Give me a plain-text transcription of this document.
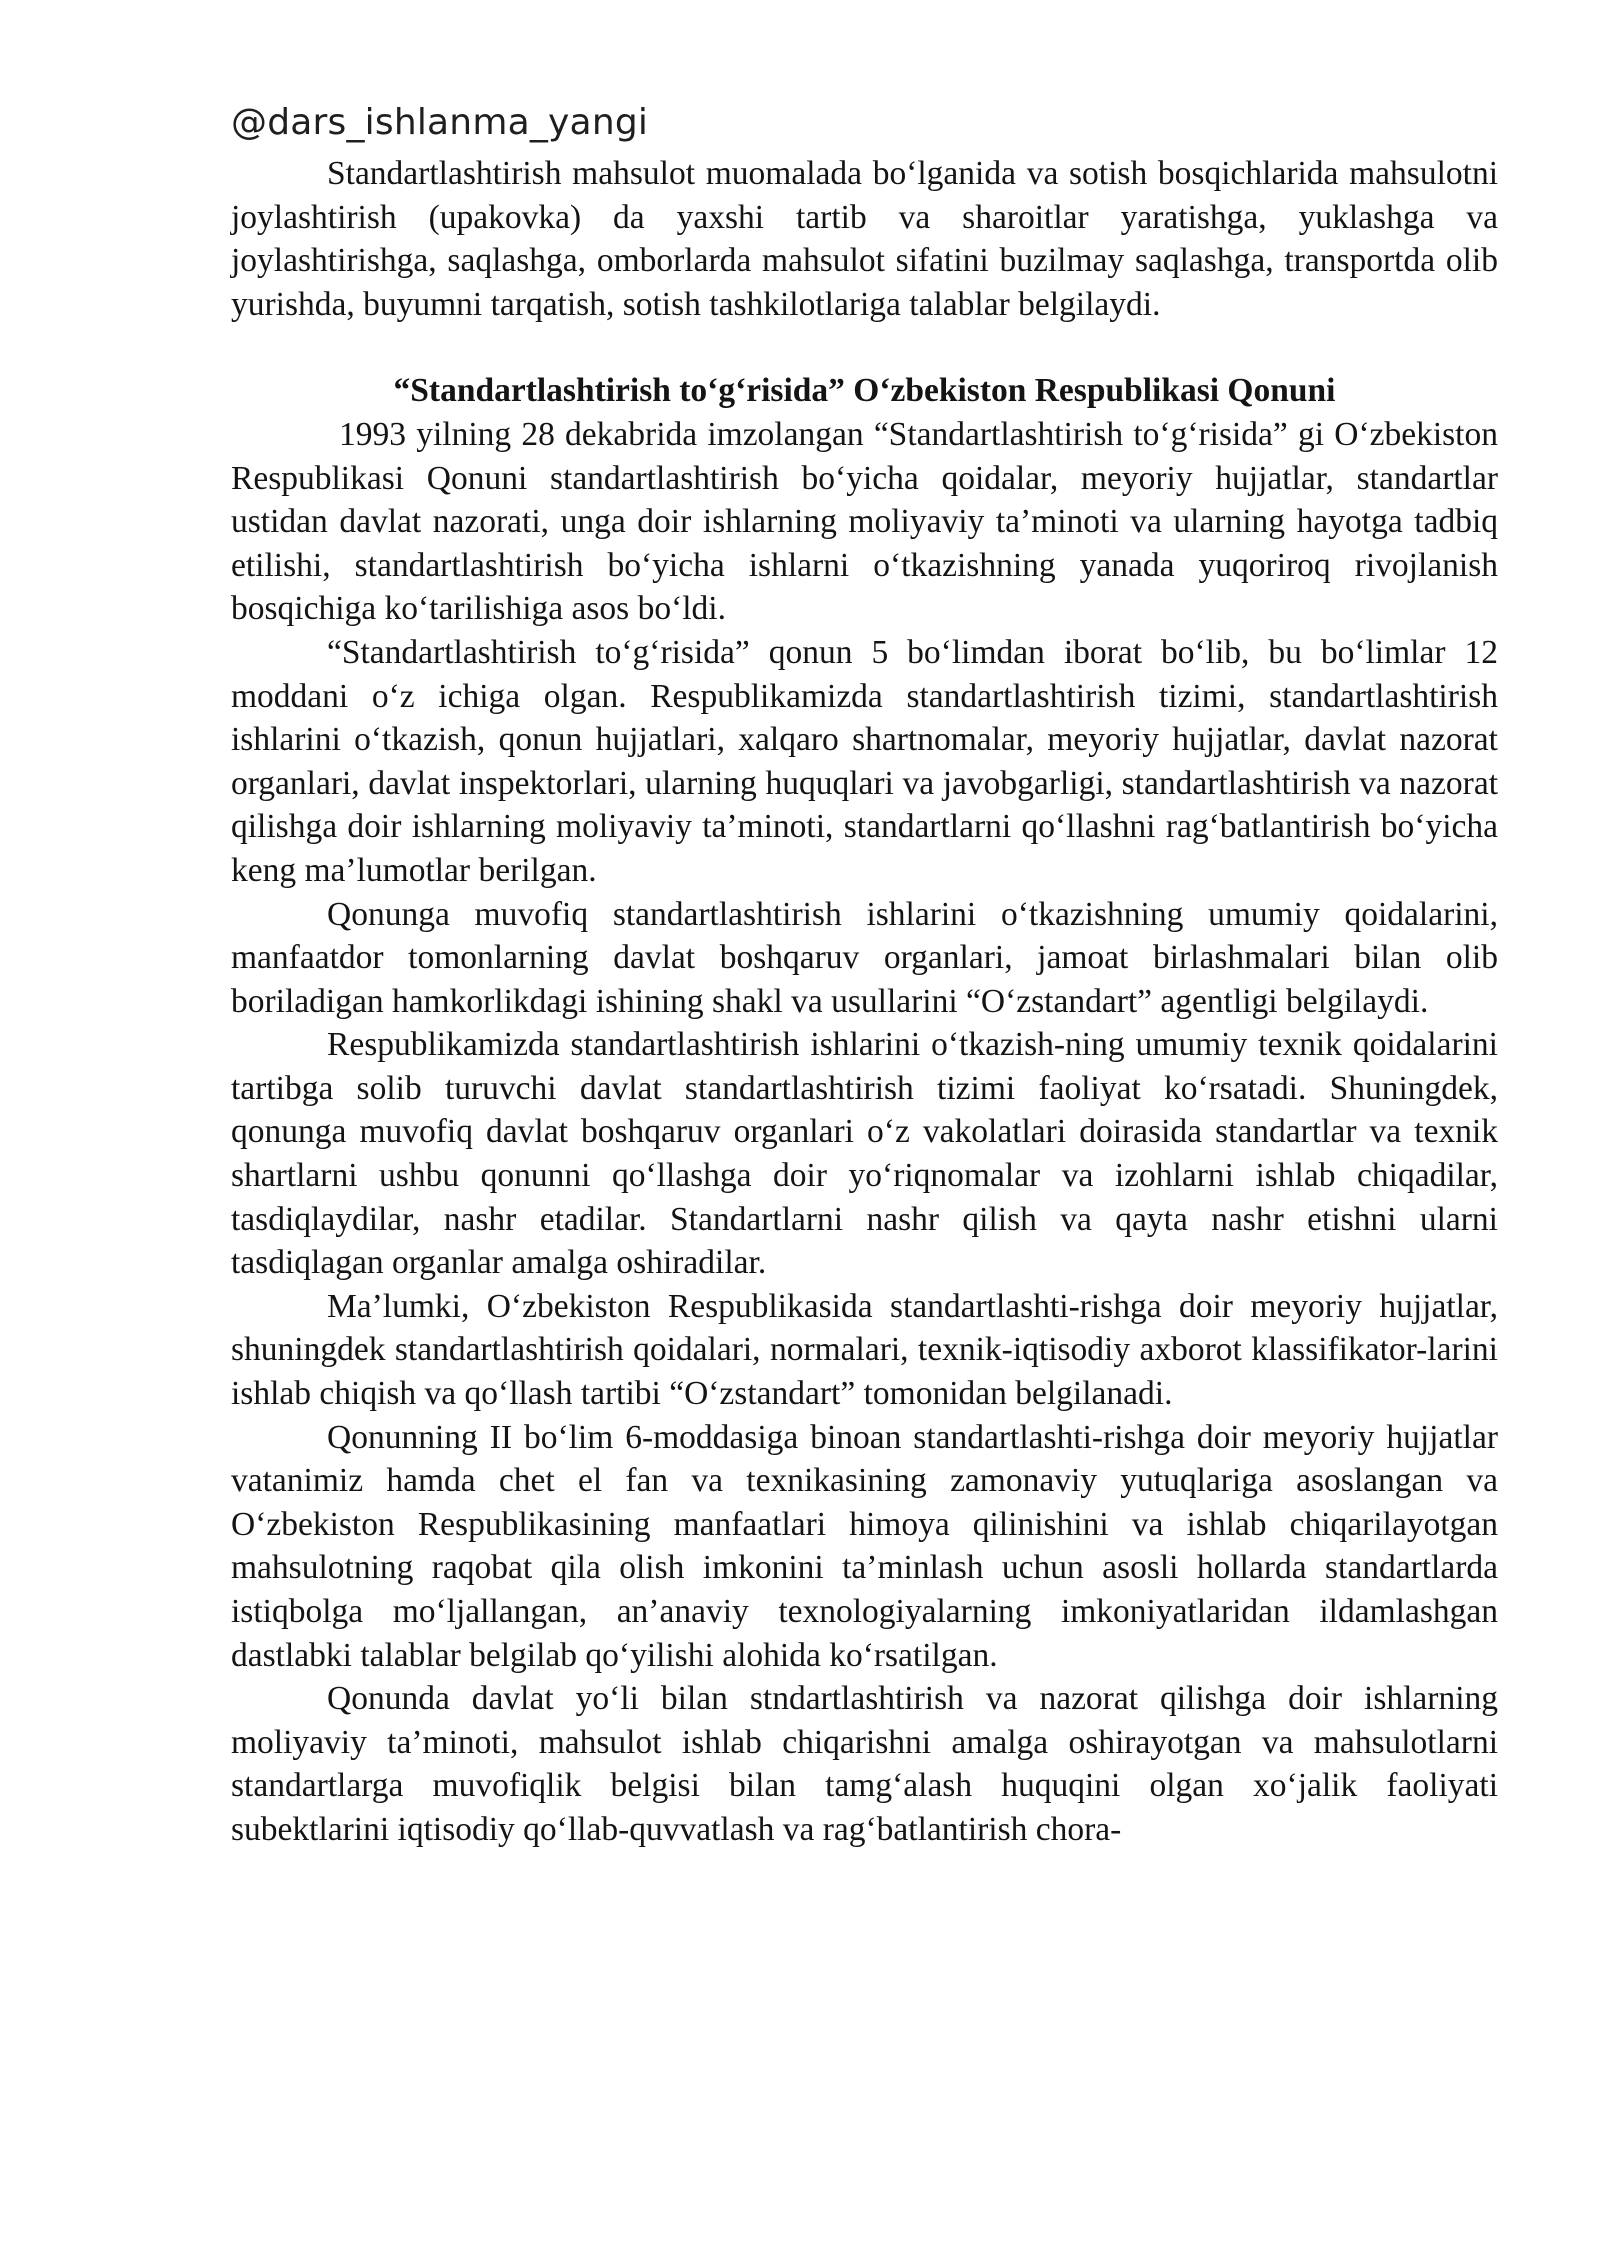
@dars_ishlanma_yangi

Standartlashtirish mahsulot muomalada bo‘lganida va sotish bosqichlarida mahsulotni joylashtirish (upakovka) da yaxshi tartib va sharoitlar yaratishga, yuklashga va joylashtirishga, saqlashga, omborlarda mahsulot sifatini buzilmay saqlashga, transportda olib yurishda, buyumni tarqatish, sotish tashkilotlariga talablar belgilaydi.

“Standartlashtirish to‘g‘risida” O‘zbekiston Respublikasi Qonuni

1993 yilning 28 dekabrida imzolangan “Standartlashtirish to‘g‘risida” gi O‘zbekiston Respublikasi Qonuni standartlashtirish bo‘yicha qoidalar, meyoriy hujjatlar, standartlar ustidan davlat nazorati, unga doir ishlarning moliyaviy ta’minoti va ularning hayotga tadbiq etilishi, standartlashtirish bo‘yicha ishlarni o‘tkazishning yanada yuqoriroq rivojlanish bosqichiga ko‘tarilishiga asos bo‘ldi.

“Standartlashtirish to‘g‘risida” qonun 5 bo‘limdan iborat bo‘lib, bu bo‘limlar 12 moddani o‘z ichiga olgan. Respublikamizda standartlashtirish tizimi, standartlashtirish ishlarini o‘tkazish, qonun hujjatlari, xalqaro shartnomalar, meyoriy hujjatlar, davlat nazorat organlari, davlat inspektorlari, ularning huquqlari va javobgarligi, standartlashtirish va nazorat qilishga doir ishlarning moliyaviy ta’minoti, standartlarni qo‘llashni rag‘batlantirish bo‘yicha keng ma’lumotlar berilgan.

Qonunga muvofiq standartlashtirish ishlarini o‘tkazishning umumiy qoidalarini, manfaatdor tomonlarning davlat boshqaruv organlari, jamoat birlashmalari bilan olib boriladigan hamkorlikdagi ishining shakl va usullarini “O‘zstandart” agentligi belgilaydi.

Respublikamizda standartlashtirish ishlarini o‘tkazish-ning umumiy texnik qoidalarini tartibga solib turuvchi davlat standartlashtirish tizimi faoliyat ko‘rsatadi. Shuningdek, qonunga muvofiq davlat boshqaruv organlari o‘z vakolatlari doirasida standartlar va texnik shartlarni ushbu qonunni qo‘llashga doir yo‘riqnomalar va izohlarni ishlab chiqadilar, tasdiqlaydilar, nashr etadilar. Standartlarni nashr qilish va qayta nashr etishni ularni tasdiqlagan organlar amalga oshiradilar.

Ma’lumki, O‘zbekiston Respublikasida standartlashti-rishga doir meyoriy hujjatlar, shuningdek standartlashtirish qoidalari, normalari, texnik-iqtisodiy axborot klassifikator-larini ishlab chiqish va qo‘llash tartibi “O‘zstandart” tomonidan belgilanadi.

Qonunning II bo‘lim 6-moddasiga binoan standartlashti-rishga doir meyoriy hujjatlar vatanimiz hamda chet el fan va texnikasining zamonaviy yutuqlariga asoslangan va O‘zbekiston Respublikasining manfaatlari himoya qilinishini va ishlab chiqarilayotgan mahsulotning raqobat qila olish imkonini ta’minlash uchun asosli hollarda standartlarda istiqbolga mo‘ljallangan, an’anaviy texnologiyalarning imkoniyatlaridan ildamlashgan dastlabki talablar belgilab qo‘yilishi alohida ko‘rsatilgan.

Qonunda davlat yo‘li bilan stndartlashtirish va nazorat qilishga doir ishlarning moliyaviy ta’minoti, mahsulot ishlab chiqarishni amalga oshirayotgan va mahsulotlarni standartlarga muvofiqlik belgisi bilan tamg‘alash huquqini olgan xo‘jalik faoliyati subektlarini iqtisodiy qo‘llab-quvvatlash va rag‘batlantirish chora-
